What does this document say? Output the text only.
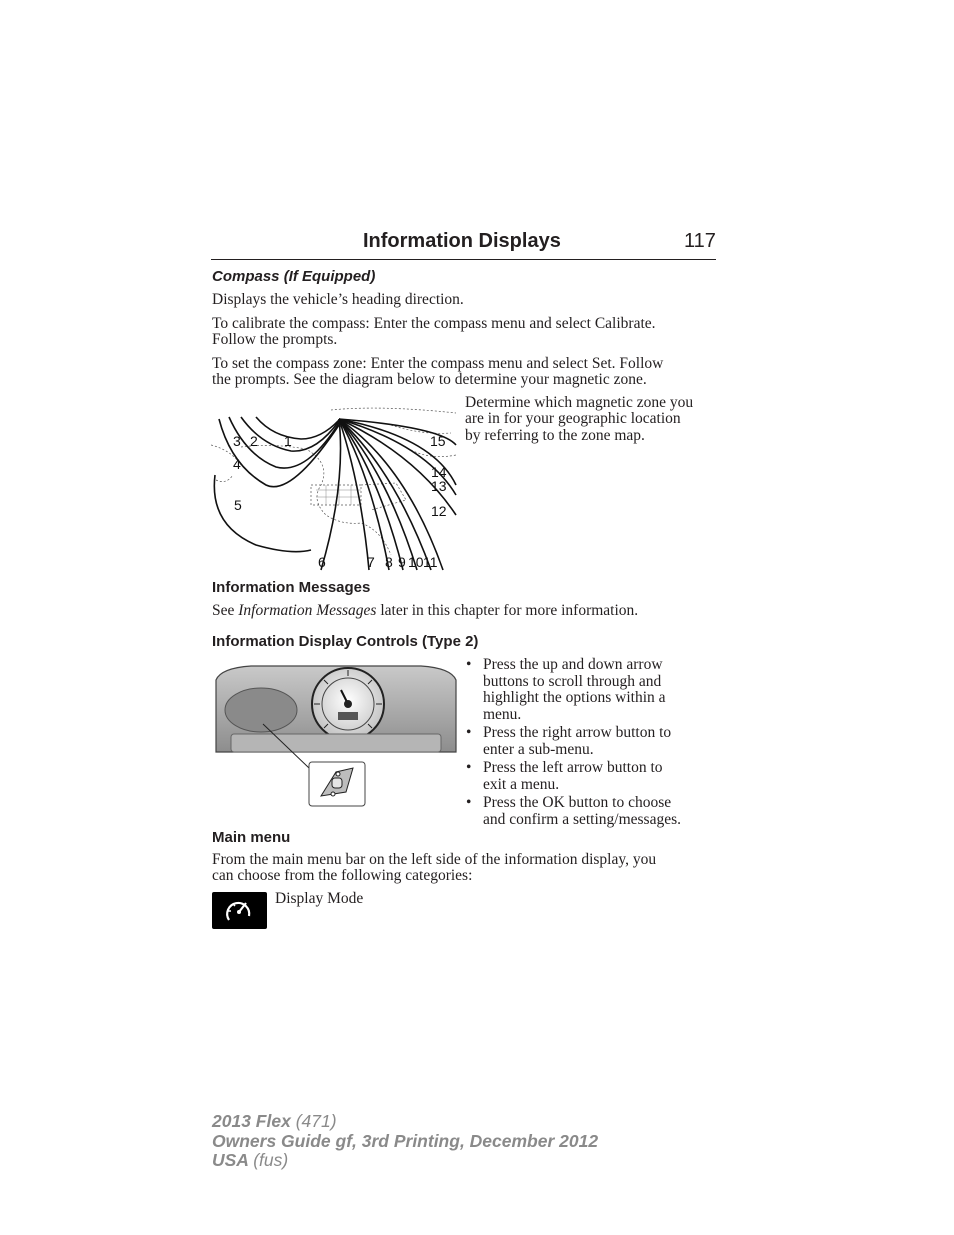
Information Displays	117
Compass (If Equipped)
Displays the vehicle’s heading direction.
To calibrate the compass: Enter the compass menu and select Calibrate.
Follow the prompts.
To set the compass zone: Enter the compass menu and select Set. Follow
the prompts. See the diagram below to determine your magnetic zone.
Determine which magnetic zone you
are in for your geographic location
by referring to the zone map.
3 2 1
4
5
6	7 8 9 10 11
12
13
14
15
Information Messages
See Information Messages later in this chapter for more information.
Information Display Controls (Type 2)
• Press the up and down arrow
buttons to scroll through and
highlight the options within a
menu.
• Press the right arrow button to
enter a sub-menu.
• Press the left arrow button to
exit a menu.
• Press the OK button to choose
and confirm a setting/messages.
Main menu
From the main menu bar on the left side of the information display, you
can choose from the following categories:
Display Mode
2013 Flex (471)
Owners Guide gf, 3rd Printing, December 2012
USA (fus)
